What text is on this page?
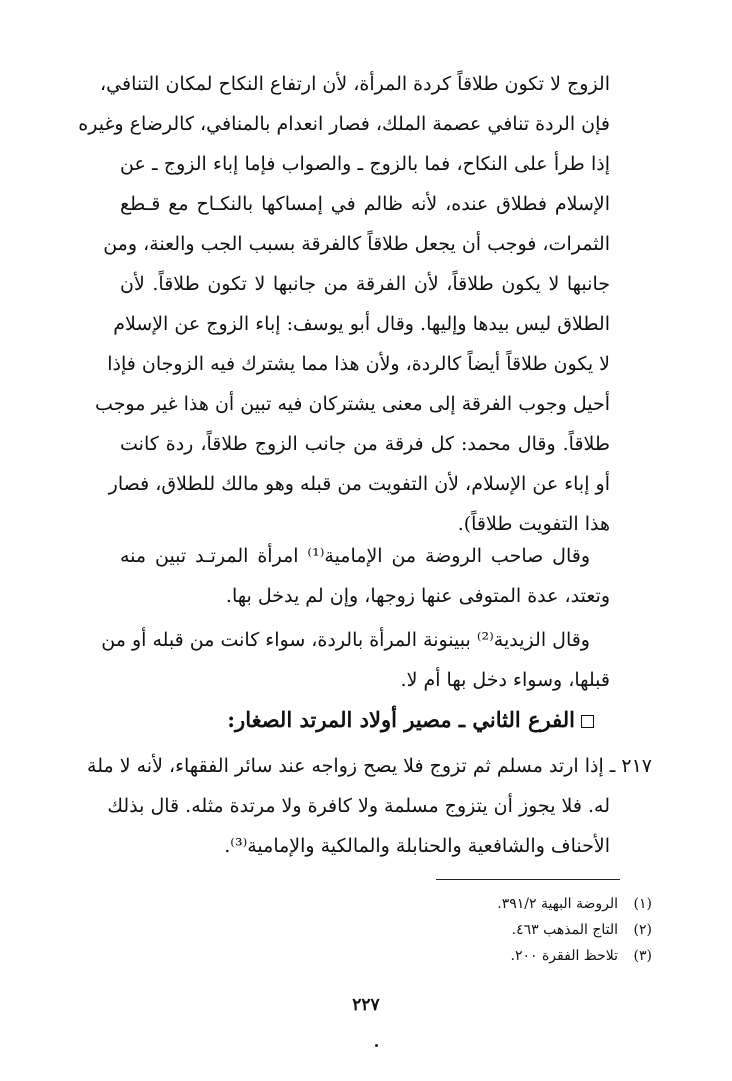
الزوج لا تكون طلاقاً كردة المرأة، لأن ارتفاع النكاح لمكان التنافي،
فإن الردة تنافي عصمة الملك، فصار انعدام بالمنافي، كالرضاع وغيره
إذا طرأ على النكاح، فما بالزوج ـ والصواب فإما إباء الزوج ـ عن
الإسلام فطلاق عنده، لأنه ظالم في إمساكها بالنكـاح مع قـطع
الثمرات، فوجب أن يجعل طلاقاً كالفرقة بسبب الجب والعنة، ومن
جانبها لا يكون طلاقاً، لأن الفرقة من جانبها لا تكون طلاقاً. لأن
الطلاق ليس بيدها وإليها. وقال أبو يوسف: إباء الزوج عن الإسلام
لا يكون طلاقاً أيضاً كالردة، ولأن هذا مما يشترك فيه الزوجان فإذا
أحيل وجوب الفرقة إلى معنى يشتركان فيه تبين أن هذا غير موجب
طلاقاً. وقال محمد: كل فرقة من جانب الزوج طلاقاً، ردة كانت
أو إباء عن الإسلام، لأن التفويت من قبله وهو مالك للطلاق، فصار
هذا التفويت طلاقاً).
وقال صاحب الروضة من الإمامية⁽¹⁾ امرأة المرتـد تبين منه
وتعتد، عدة المتوفى عنها زوجها، وإن لم يدخل بها.
وقال الزيدية⁽²⁾ ببينونة المرأة بالردة، سواء كانت من قبله أو من
قبلها، وسواء دخل بها أم لا.
الفرع الثاني ـ مصير أولاد المرتد الصغار:
٢١٧ ـ إذا ارتد مسلم ثم تزوج فلا يصح زواجه عند سائر الفقهاء، لأنه لا ملة
له. فلا يجوز أن يتزوج مسلمة ولا كافرة ولا مرتدة مثله. قال بذلك
الأحناف والشافعية والحنابلة والمالكية والإمامية⁽³⁾.
(١)الروضة البهية ٣٩١/٢.
(٢)التاج المذهب ٤٦٣.
(٣)تلاحظ الفقرة ٢٠٠.
٢٢٧
